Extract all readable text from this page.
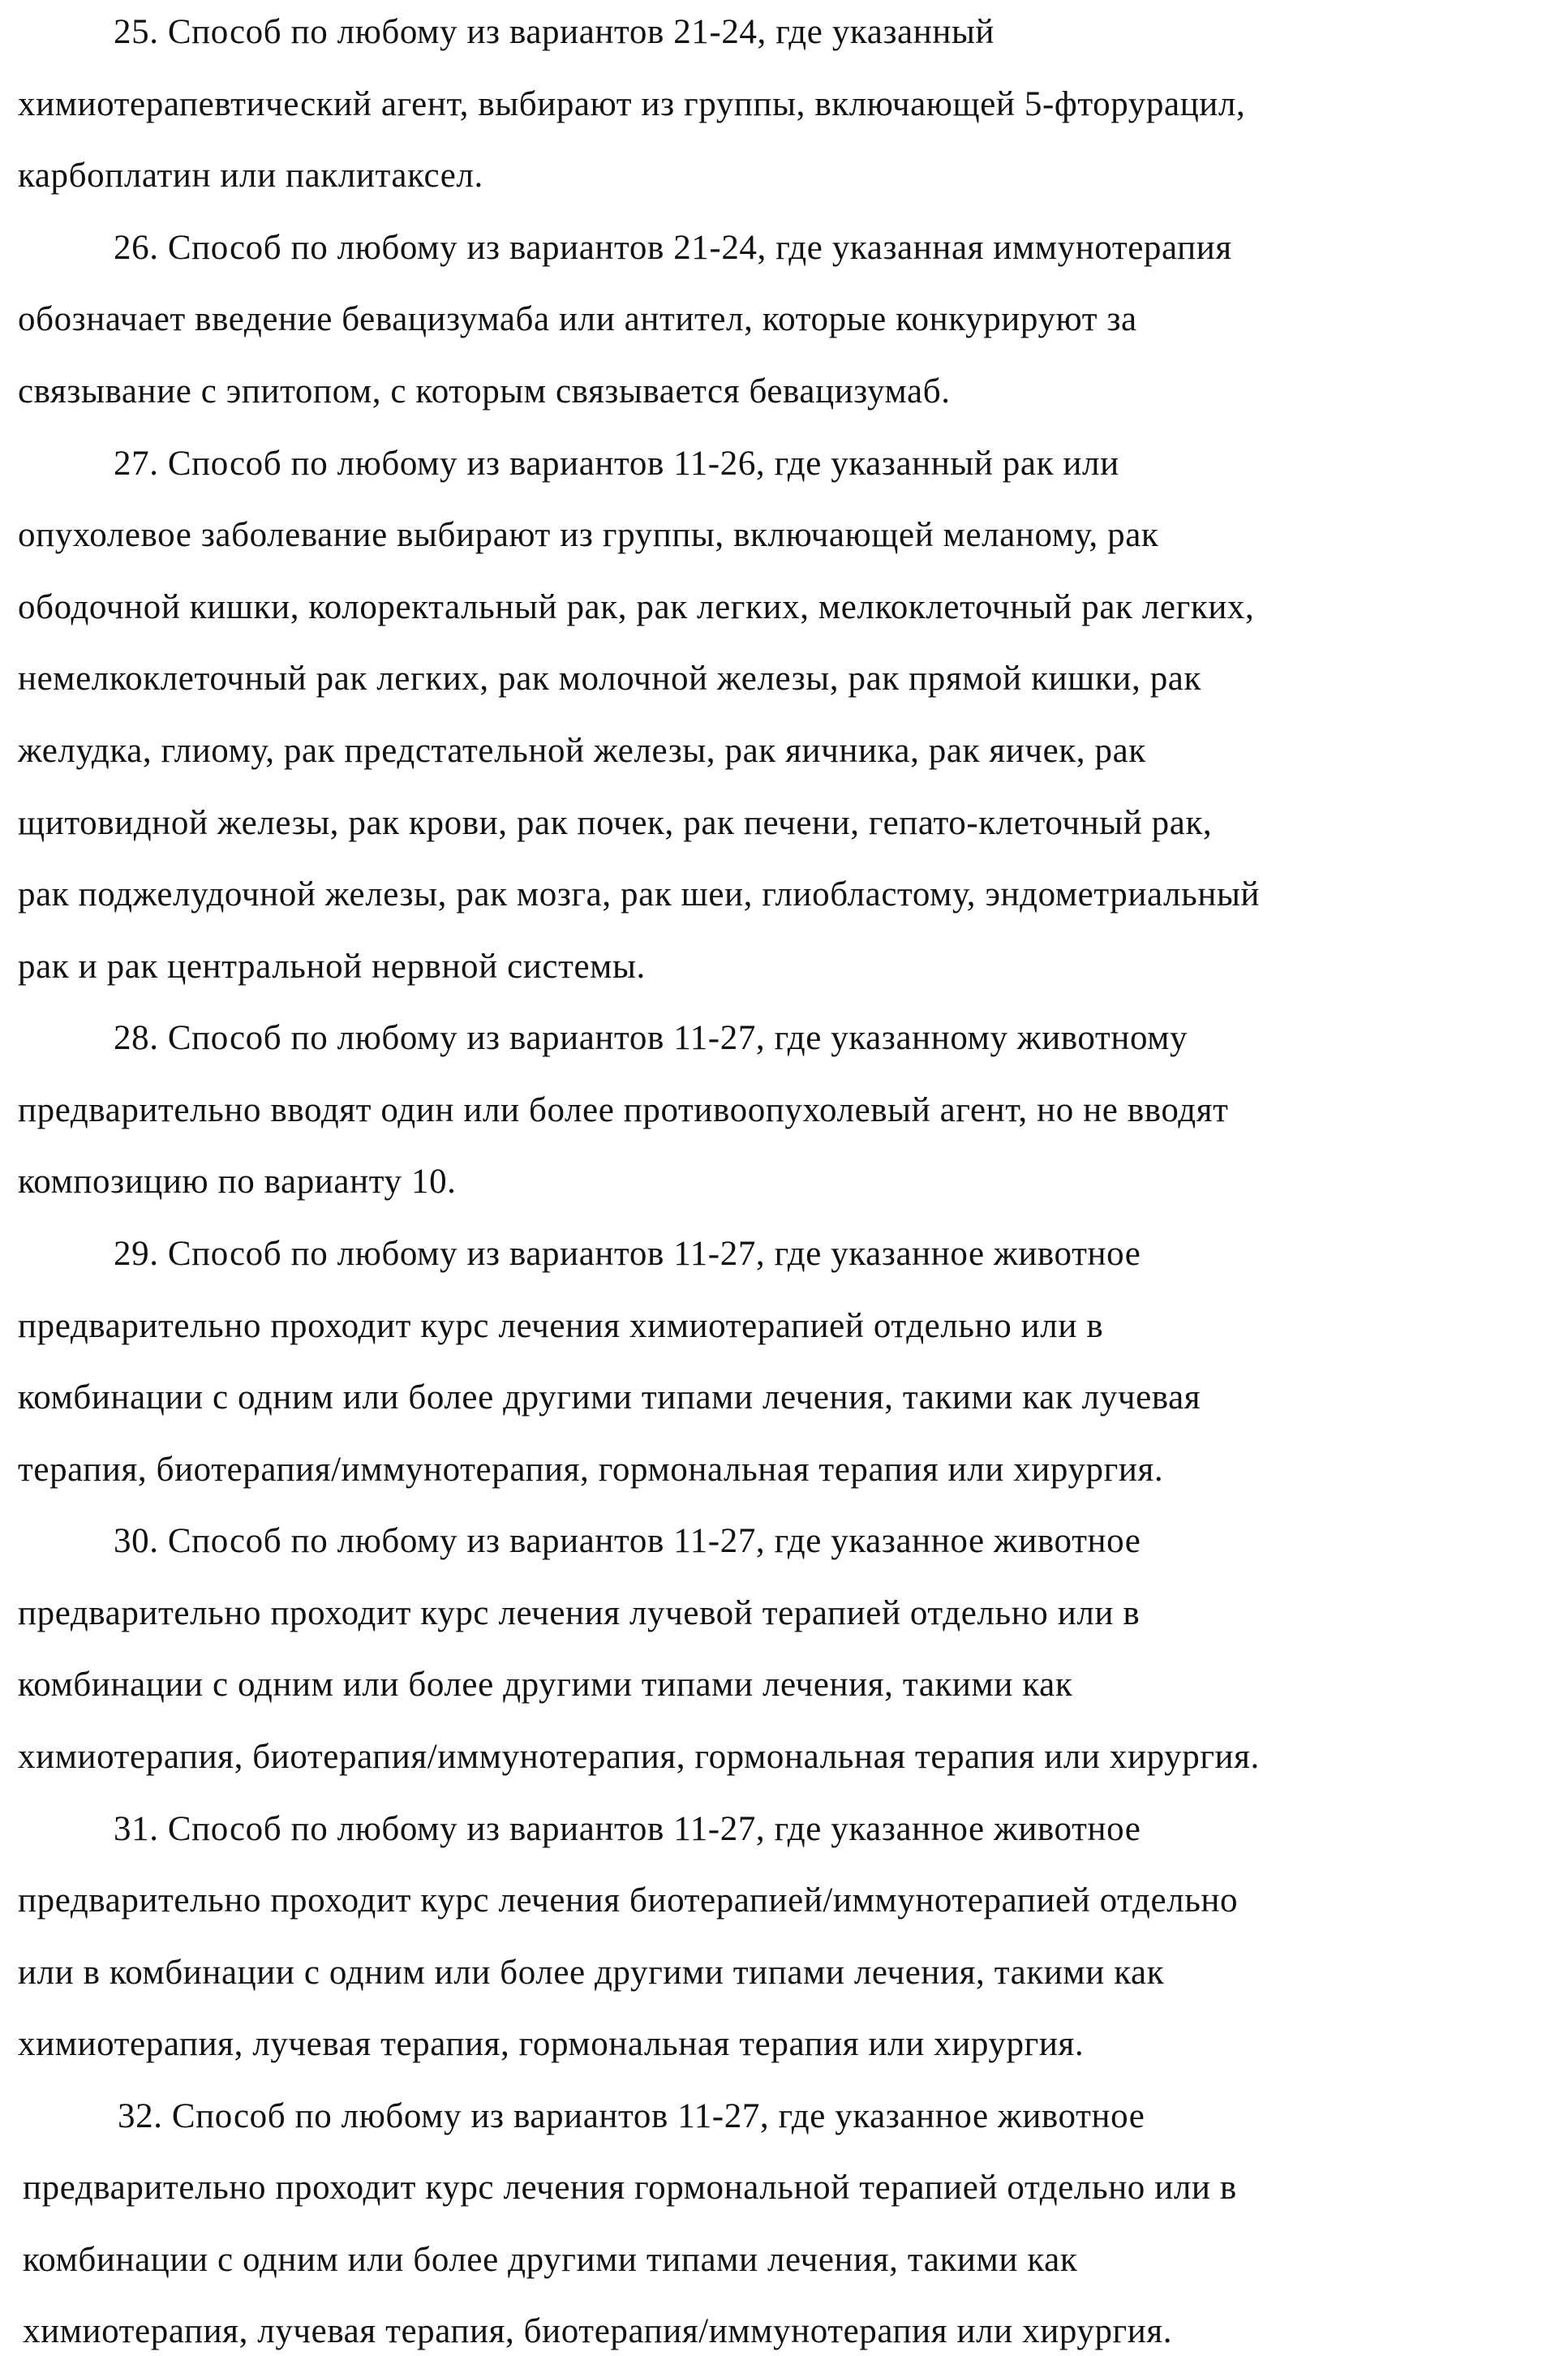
25. Способ по любому из вариантов 21-24, где указанный
химиотерапевтический агент, выбирают из группы, включающей 5-фторурацил,
карбоплатин или паклитаксел.
26. Способ по любому из вариантов 21-24, где указанная иммунотерапия
обозначает введение бевацизумаба или антител, которые конкурируют за
связывание с эпитопом, с которым связывается бевацизумаб.
27. Способ по любому из вариантов 11-26, где указанный рак или
опухолевое заболевание выбирают из группы, включающей меланому, рак
ободочной кишки, колоректальный рак, рак легких, мелкоклеточный рак легких,
немелкоклеточный рак легких, рак молочной железы, рак прямой кишки, рак
желудка, глиому, рак предстательной железы, рак яичника, рак яичек, рак
щитовидной железы, рак крови, рак почек, рак печени, гепато-клеточный рак,
рак поджелудочной железы, рак мозга, рак шеи, глиобластому, эндометриальный
рак и рак центральной нервной системы.
28. Способ по любому из вариантов 11-27, где указанному животному
предварительно вводят один или более противоопухолевый агент, но не вводят
композицию по варианту 10.
29. Способ по любому из вариантов 11-27, где указанное животное
предварительно проходит курс лечения химиотерапией отдельно или в
комбинации с одним или более другими типами лечения, такими как лучевая
терапия, биотерапия/иммунотерапия, гормональная терапия или хирургия.
30. Способ по любому из вариантов 11-27, где указанное животное
предварительно проходит курс лечения лучевой терапией отдельно или в
комбинации с одним или более другими типами лечения, такими как
химиотерапия, биотерапия/иммунотерапия, гормональная терапия или хирургия.
31. Способ по любому из вариантов 11-27, где указанное животное
предварительно проходит курс лечения биотерапией/иммунотерапией отдельно
или в комбинации с одним или более другими типами лечения, такими как
химиотерапия, лучевая терапия, гормональная терапия или хирургия.
32. Способ по любому из вариантов 11-27, где указанное животное
предварительно проходит курс лечения гормональной терапией отдельно или в
комбинации с одним или более другими типами лечения, такими как
химиотерапия, лучевая терапия, биотерапия/иммунотерапия или хирургия.
